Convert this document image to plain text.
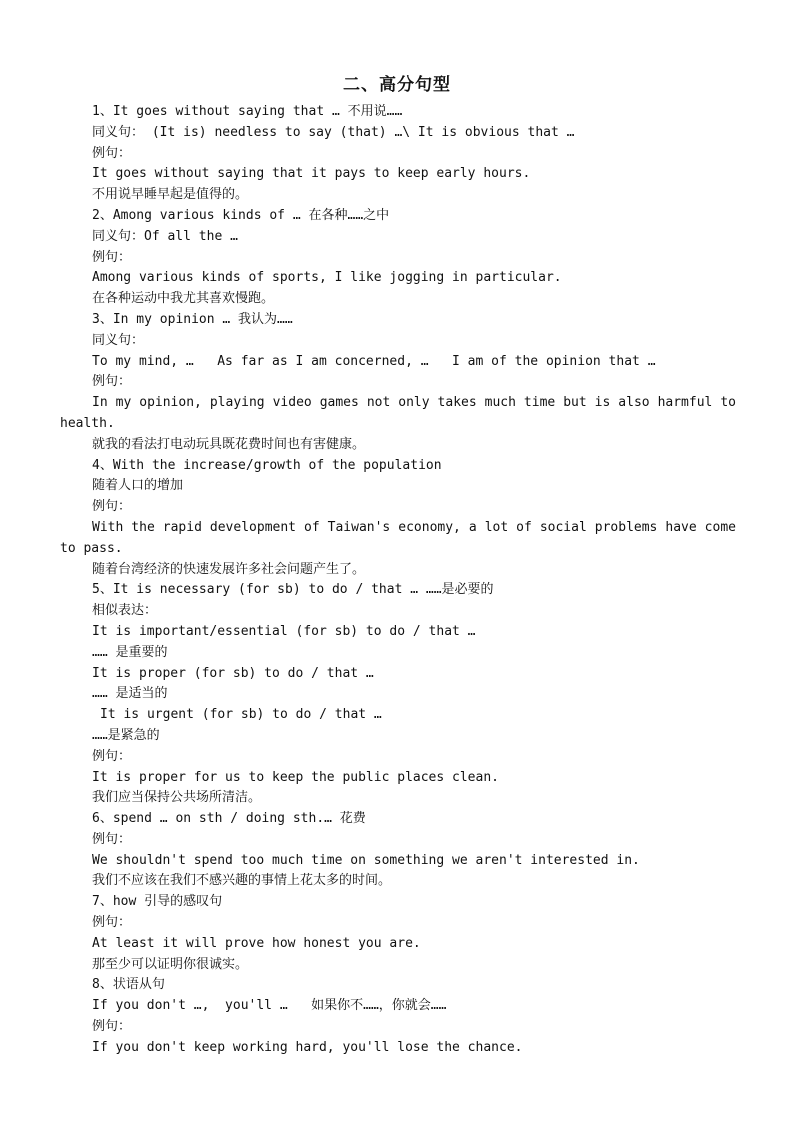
二、高分句型
1、It goes without saying that … 不用说……
同义句： (It is) needless to say (that) …\ It is obvious that …
例句：
It goes without saying that it pays to keep early hours.
不用说早睡早起是值得的。
2、Among various kinds of … 在各种……之中
同义句：Of all the …
例句：
Among various kinds of sports, I like jogging in particular.
在各种运动中我尤其喜欢慢跑。
3、In my opinion … 我认为……
同义句：
To my mind, …   As far as I am concerned, …   I am of the opinion that …
例句：
In my opinion, playing video games not only takes much time but is also harmful to health.
就我的看法打电动玩具既花费时间也有害健康。
4、With the increase/growth of the population
随着人口的增加
例句：
With the rapid development of Taiwan's economy, a lot of social problems have come to pass.
随着台湾经济的快速发展许多社会问题产生了。
5、It is necessary (for sb) to do / that … ……是必要的
相似表达：
It is important/essential (for sb) to do / that …
…… 是重要的
It is proper (for sb) to do / that …
…… 是适当的
It is urgent (for sb) to do / that …
……是紧急的
例句：
It is proper for us to keep the public places clean.
我们应当保持公共场所清洁。
6、spend … on sth / doing sth.… 花费
例句：
We shouldn't spend too much time on something we aren't interested in.
我们不应该在我们不感兴趣的事情上花太多的时间。
7、how 引导的感叹句
例句：
At least it will prove how honest you are.
那至少可以证明你很诚实。
8、状语从句
If you don't …,  you'll …   如果你不……，你就会……
例句：
If you don't keep working hard, you'll lose the chance.
